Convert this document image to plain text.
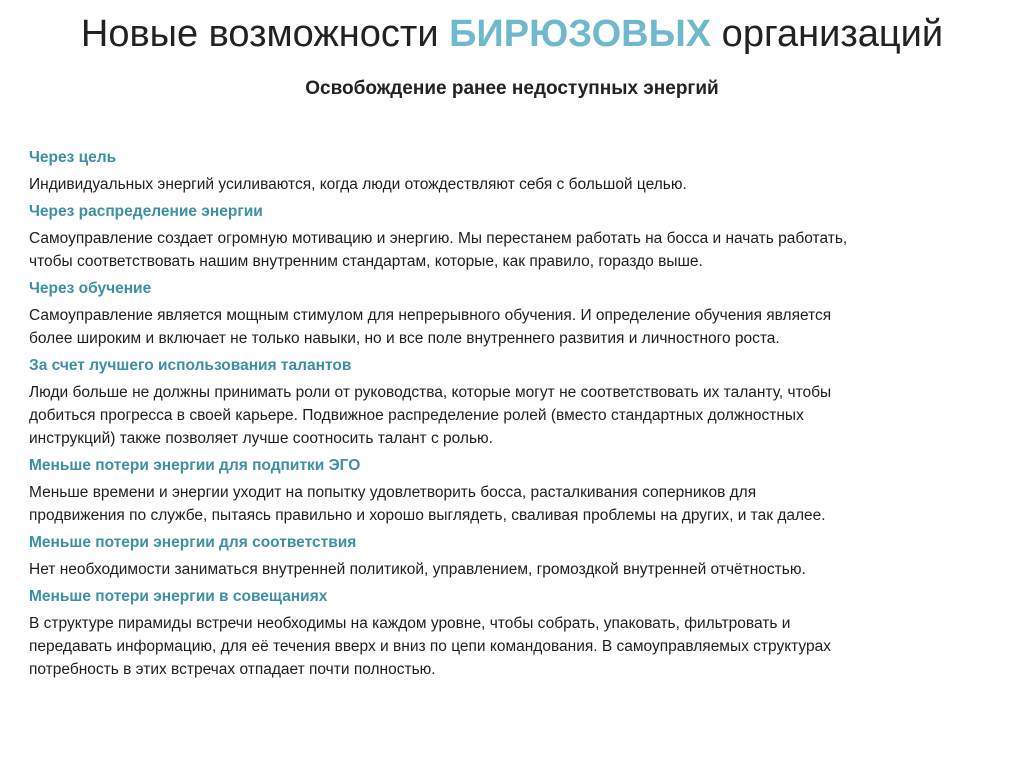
Новые возможности БИРЮЗОВЫХ организаций
Освобождение ранее недоступных энергий
Через цель
Индивидуальных энергий усиливаются, когда люди отождествляют себя с большой целью.
Через распределение энергии
Самоуправление создает огромную мотивацию и энергию. Мы перестанем работать на босса и начать работать,
чтобы соответствовать нашим внутренним стандартам, которые, как правило, гораздо выше.
Через обучение
Самоуправление является мощным стимулом для непрерывного обучения. И определение обучения является
более широким и включает не только навыки, но и все поле внутреннего развития и личностного роста.
За счет лучшего использования талантов
Люди больше не должны принимать роли от руководства, которые могут не соответствовать их таланту, чтобы
добиться прогресса в своей карьере. Подвижное распределение ролей (вместо стандартных должностных
инструкций) также позволяет лучше соотносить талант с ролью.
Меньше потери энергии для подпитки ЭГО
Меньше времени и энергии уходит на попытку удовлетворить босса, расталкивания соперников для
продвижения по службе, пытаясь правильно и хорошо выглядеть, сваливая проблемы на других, и так далее.
Меньше потери энергии для соответствия
Нет необходимости заниматься внутренней политикой, управлением, громоздкой внутренней отчётностью.
Меньше потери энергии в совещаниях
В структуре пирамиды встречи необходимы на каждом уровне, чтобы собрать, упаковать, фильтровать и
передавать информацию, для её течения вверх и вниз по цепи командования. В самоуправляемых структурах
потребность в этих встречах отпадает почти полностью.
